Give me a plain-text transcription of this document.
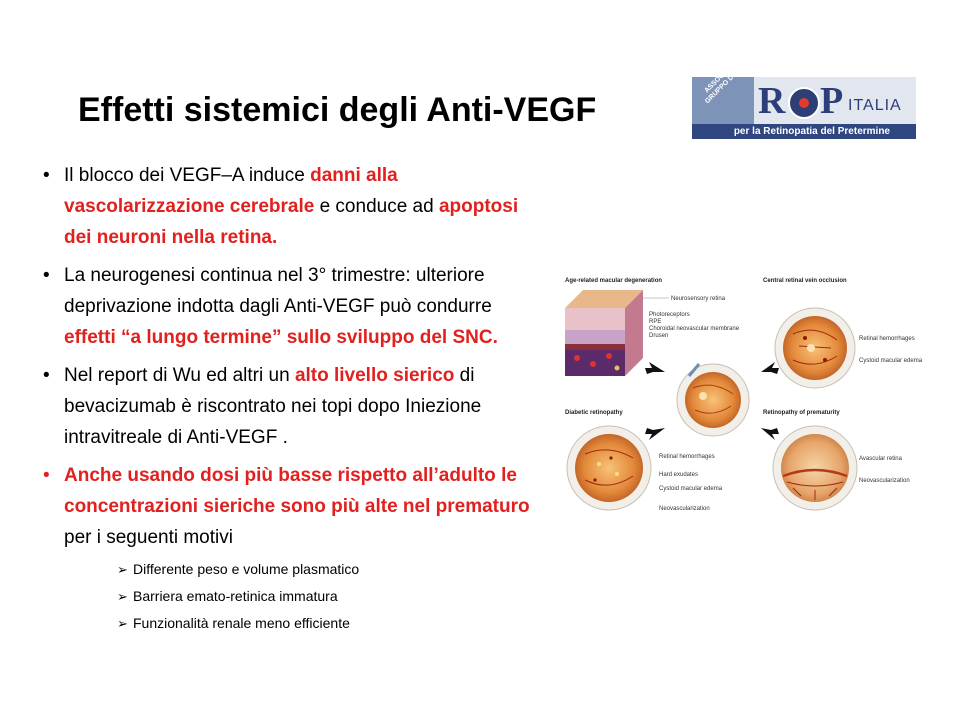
Effetti sistemici degli Anti-VEGF
ASSOCIAZIONE GRUPPO DI STUDIO R P ITALIA
per la Retinopatia del Pretermine
• Il blocco dei VEGF–A induce danni alla vascolarizzazione cerebrale e conduce ad apoptosi dei neuroni nella retina.
• La neurogenesi continua nel 3° trimestre: ulteriore deprivazione indotta dagli Anti-VEGF può condurre effetti “a lungo termine” sullo sviluppo del SNC.
• Nel report di Wu ed altri un alto livello sierico di bevacizumab è riscontrato nei topi dopo Iniezione intravitreale di Anti-VEGF .
• Anche usando dosi più basse rispetto all’adulto le concentrazioni sieriche sono più alte nel prematuro per i seguenti motivi
➢ Differente peso e volume plasmatico
➢ Barriera emato-retinica immatura
➢ Funzionalità renale meno efficiente
Age-related macular degeneration	Central retinal vein occlusion
Diabetic retinopathy	Retinopathy of prematurity
Neurosensory retina
Photoreceptors
RPE
Choroidal neovascular membrane
Drusen	Retinal hemorrhages
Cystoid macular edema
Retinal hemorrhages
Hard exudates
Cystoid macular edema
Neovascularization
Avascular retina
Neovascularization
